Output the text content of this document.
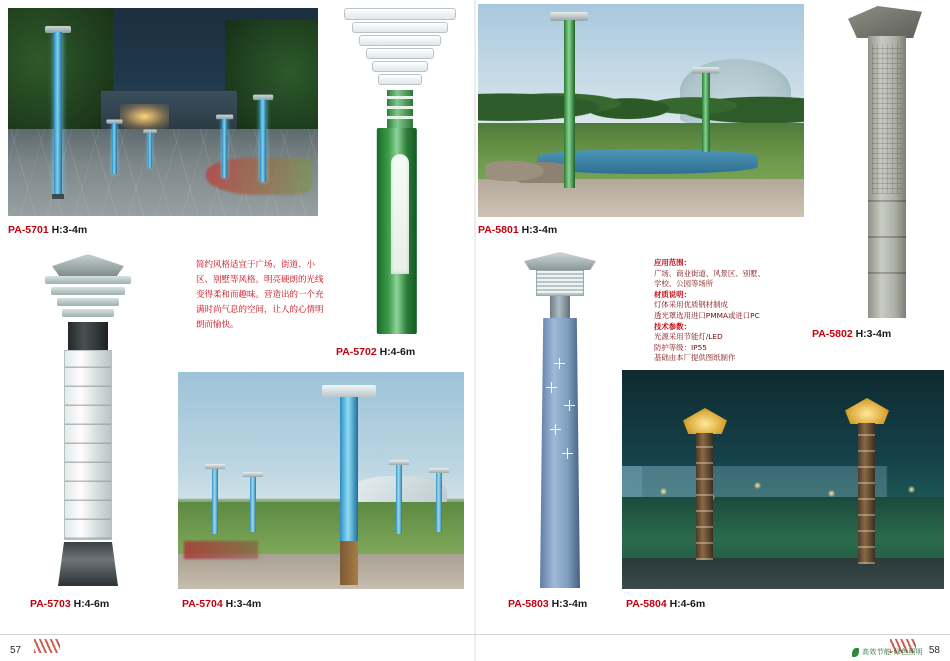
PA-5701 H:3-4m
PA-5702 H:4-6m
PA-5801 H:3-4m
PA-5802 H:3-4m
PA-5703 H:4-6m	PA-5704 H:3-4m	PA-5803 H:3-4m	PA-5804 H:4-6m
简约风格适宜于广场、街道、小区、别墅等风格。明亮硬朗的光线变得柔和而趣味。营造出的一个充满时尚气息的空间，让人的心情明朗而愉快。
应用范围：
广场、商业街道、风景区、别墅、
学校、公园等场所
材质说明：
灯体采用优质钢材制成
透光罩选用进口PMMA或进口PC
技术参数：
光源采用节能灯/LED
防护等级：IP55
基础由本厂提供图纸制作
57	58
高效节能·绿色照明
